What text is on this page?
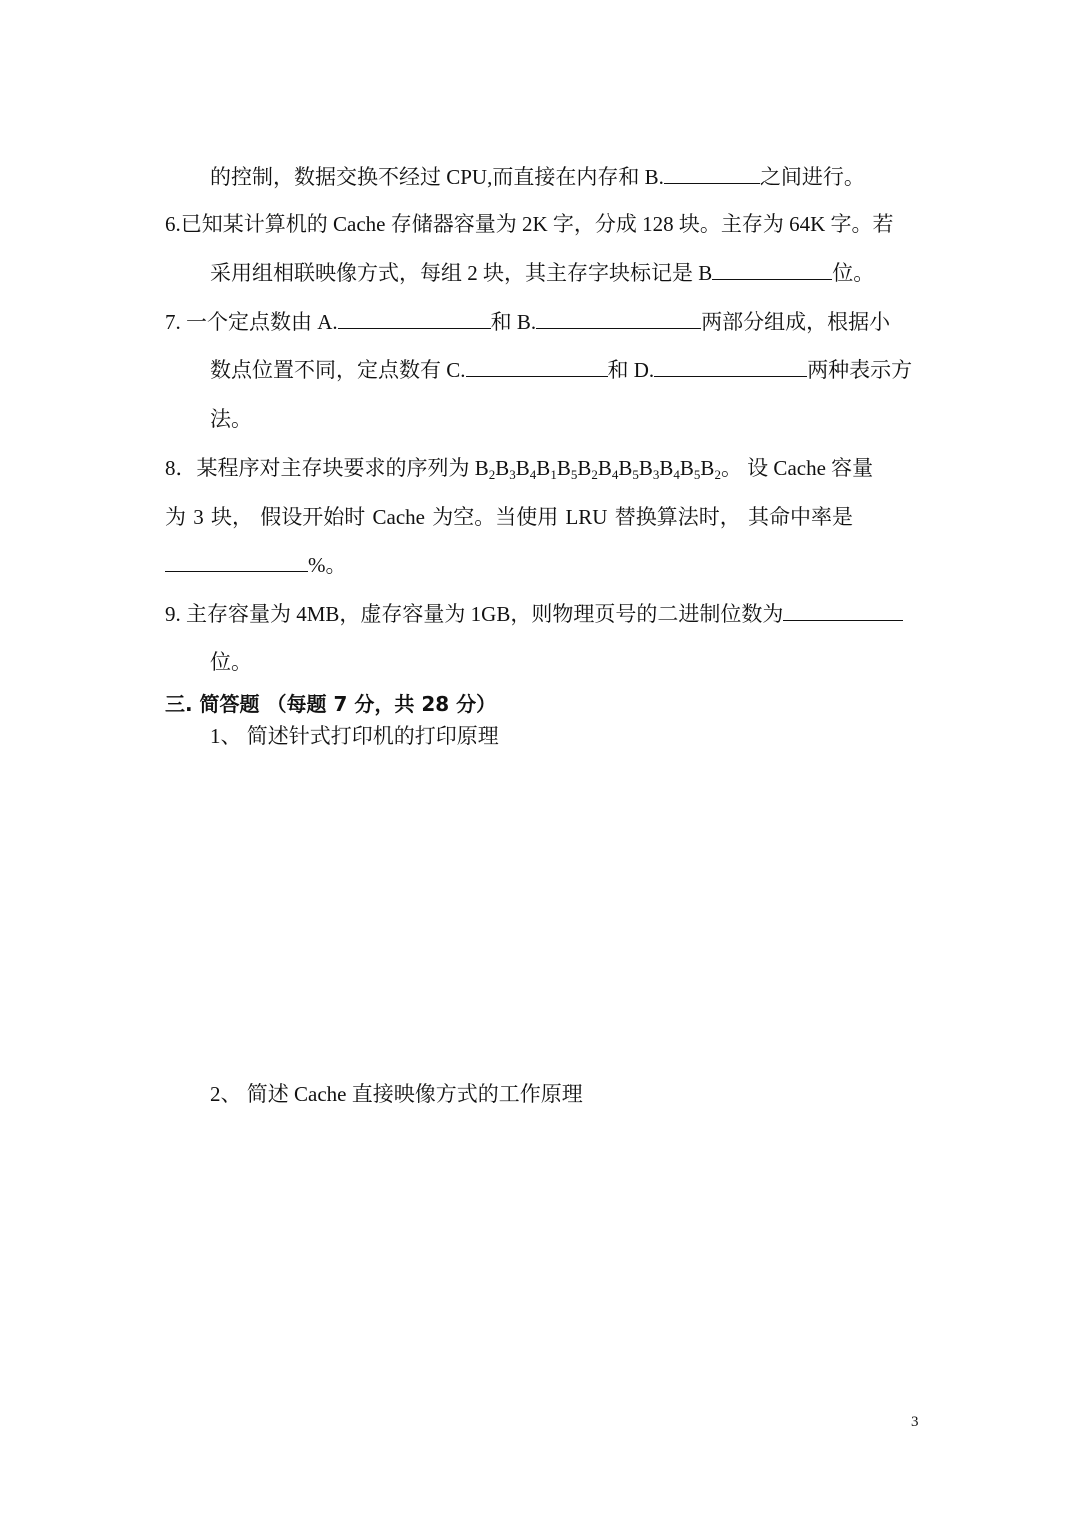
的控制，数据交换不经过 CPU,而直接在内存和 B.	之间进行。
6.已知某计算机的 Cache 存储器容量为 2K 字，分成 128 块。主存为 64K 字。若
采用组相联映像方式，每组 2 块，其主存字块标记是 B	位。
7. 一个定点数由 A.	和 B.	两部分组成，根据小
数点位置不同，定点数有 C.	和 D.	两种表示方
法。
8．某程序对主存块要求的序列为 $B_2B_3B_4B_1B_5B_2B_4B_5B_3B_4B_5B_2$。 设 Cache 容量
为 3 块， 假设开始时 Cache 为空。当使用 LRU 替换算法时， 其命中率是
%。
9. 主存容量为 4MB，虚存容量为 1GB，则物理页号的二进制位数为
位。
三. 简答题 （每题 7 分，共 28 分）
1、 简述针式打印机的打印原理
2、 简述 Cache 直接映像方式的工作原理
3
